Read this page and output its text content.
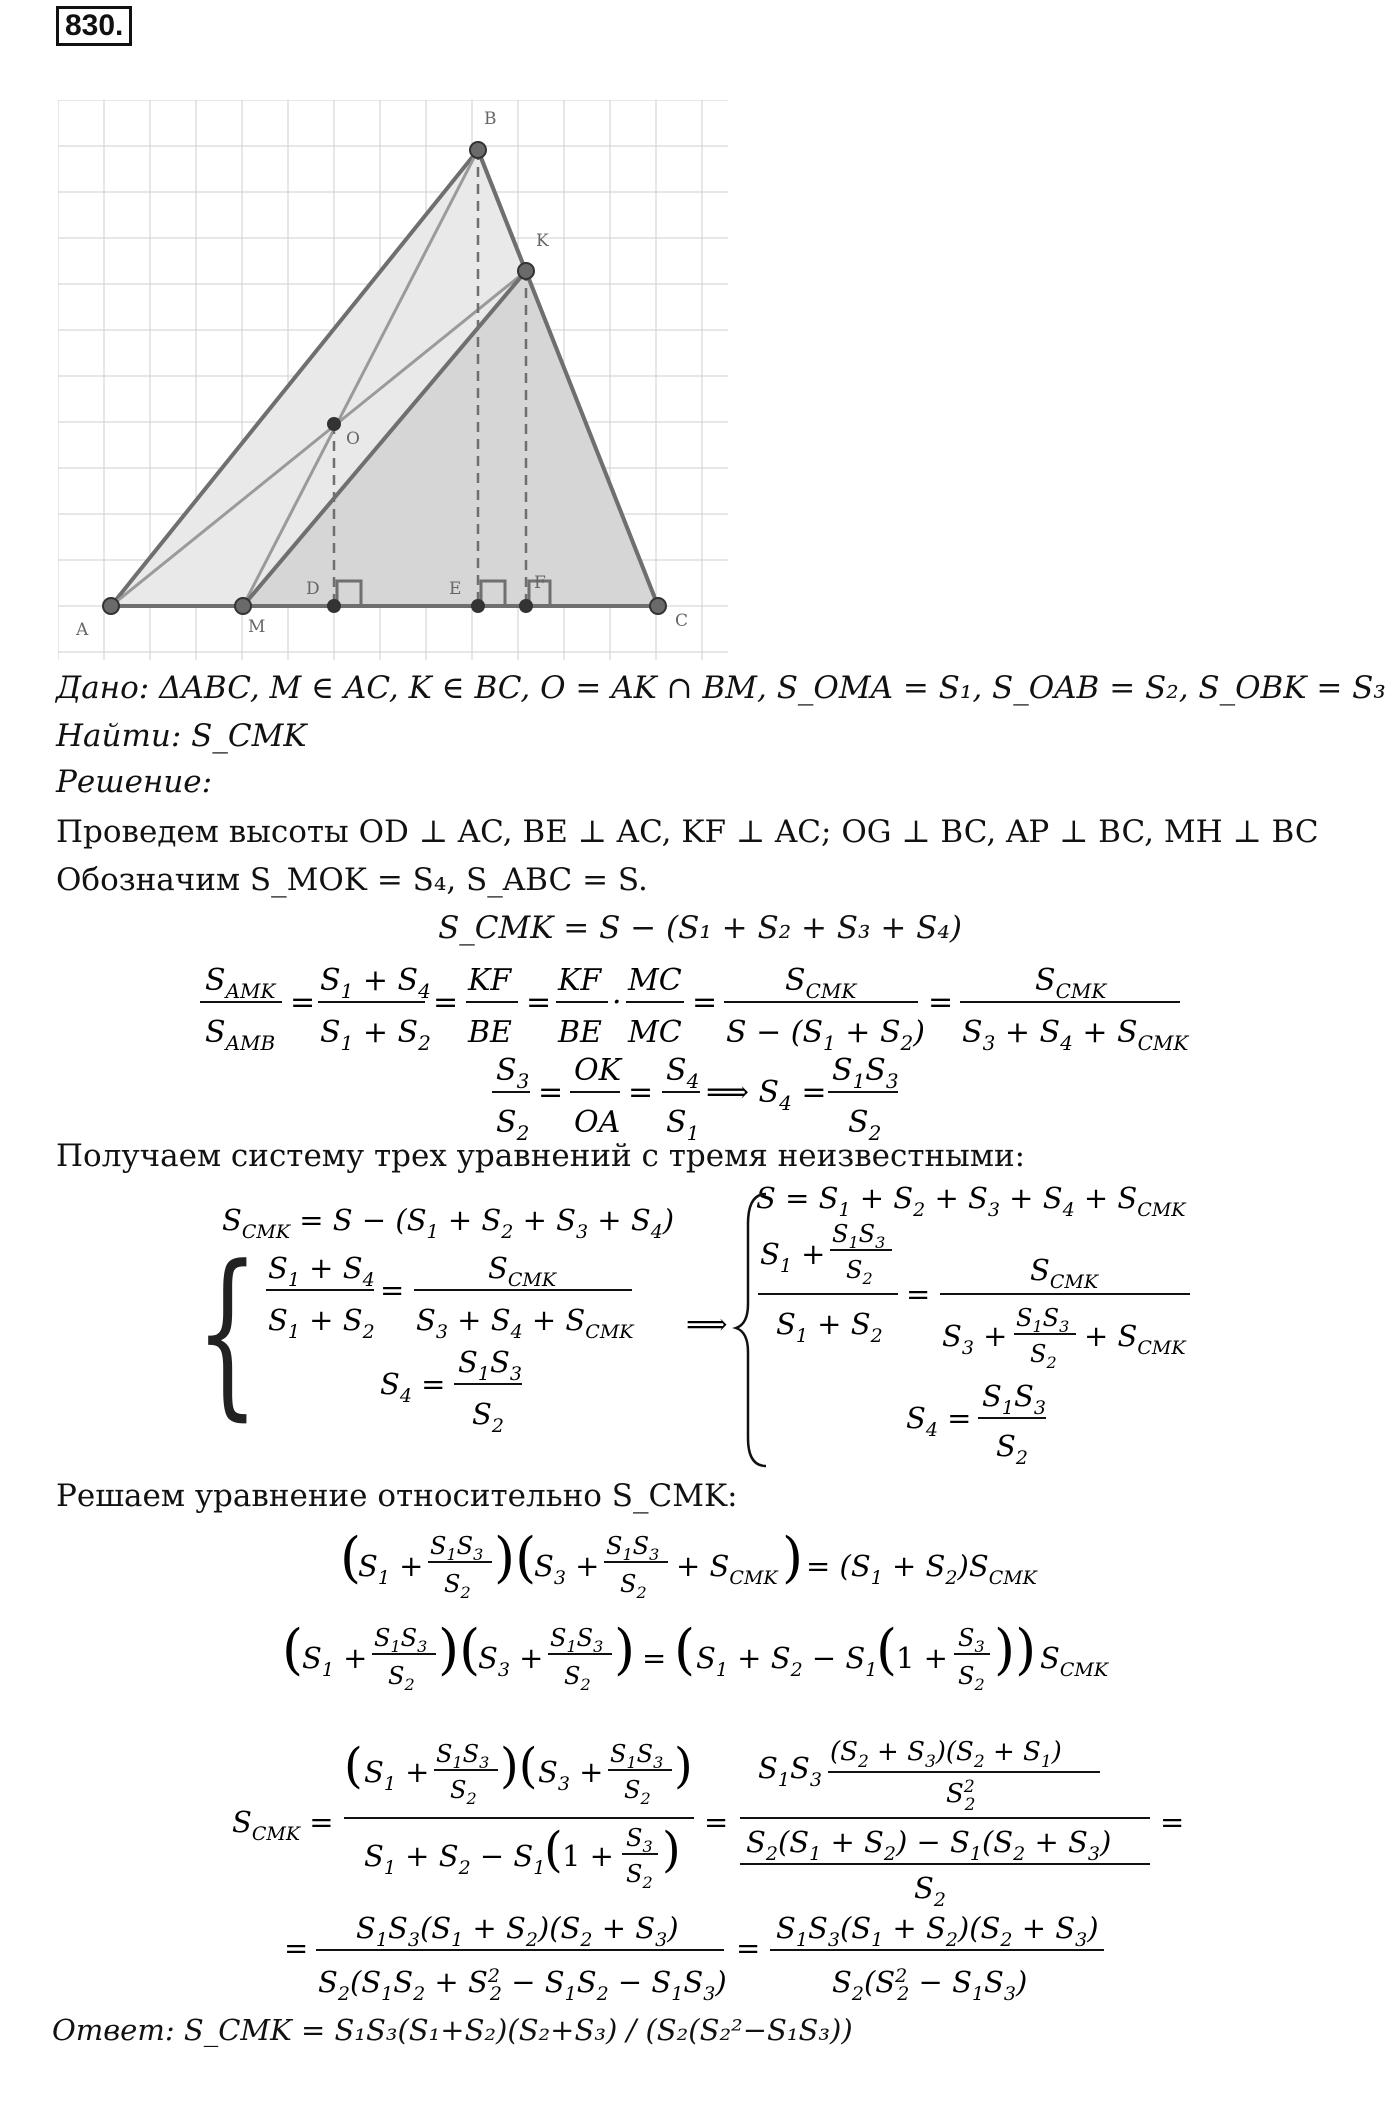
830.
A
B
C
K
O
M
D	E	F
Дано: ΔABC, M ∈ AC, K ∈ BC, O = AK ∩ BM, S_OMA = S₁, S_OAB = S₂, S_OBK = S₃
Найти: S_CMK
Решение:
Проведем высоты OD ⊥ AC, BE ⊥ AC, KF ⊥ AC; OG ⊥ BC, AP ⊥ BC, MH ⊥ BC
Обозначим S_MOK = S₄, S_ABC = S.
S_CMK = S − (S₁ + S₂ + S₃ + S₄)
$S_{AMK}$
$S_{AMB}$
=
$S_1 + S_4$
$S_1 + S_2$
=
KF
BE
=
KF
BE
·
MC
MC
=
$S_{CMK}$
$S - (S_1 + S_2)$
=
$S_{CMK}$
$S_3 + S_4 + S_{CMK}$
$S_3$
$S_2$
=
OK
OA
=
$S_4$
$S_1$
⟹ $S_4$ =
$S_1S_3$
$S_2$
Получаем систему трех уравнений с тремя неизвестными:
{
$S_{CMK} = S - (S_1 + S_2 + S_3 + S_4)$
$S_1 + S_4$
$S_1 + S_2$
=
$S_{CMK}$
$S_3 + S_4 + S_{CMK}$
$S_4$ =
$S_1S_3$
$S_2$
⟹
$S = S_1 + S_2 + S_3 + S_4 + S_{CMK}$
$S_1$ +
$S_1S_3$
$S_2$
$S_1 + S_2$
=
$S_{CMK}$
$S_3$ +
$S_1S_3$
$S_2$
+ $S_{CMK}$
$S_4$ =
$S_1S_3$
$S_2$
Решаем уравнение относительно S_CMK:
(
$S_1$ +
$S_1S_3$
$S_2$
)(
$S_3$ +
$S_1S_3$
$S_2$
+ $S_{CMK}$ ) = $(S_1 + S_2)S_{CMK}$
(
$S_1$ +
$S_1S_3$
$S_2$
)(
$S_3$ +
$S_1S_3$
$S_2$
) = ( $S_1 + S_2 - S_1$
(
1 +
$S_3$
$S_2$
)) $S_{CMK}$
$S_{CMK}$ =
( $S_1$ +
$S_1S_3$
$S_2$
)( $S_3$ +
$S_1S_3$
$S_2$
)
$S_1 + S_2 - S_1$
( 1 +
$S_3$
$S_2$
) =
$S_1S_3$
$(S_2 + S_3)(S_2 + S_1)$
$S^2$ 2
$S_2(S_1 + S_2) - S_1(S_2 + S_3)$
$S_2$
=
=
$S_1S_3(S_1 + S_2)(S_2 + S_3)$
$S_2(S_1S_2 + S^2$ $2 - S_1S_2 - S_1S_3$)
=
$S_1S_3(S_1 + S_2)(S_2 + S_3)$
$S_2(S^2$ $2 - S_1S_3$)
Ответ: S_CMK = S₁S₃(S₁+S₂)(S₂+S₃) / (S₂(S₂²−S₁S₃))
